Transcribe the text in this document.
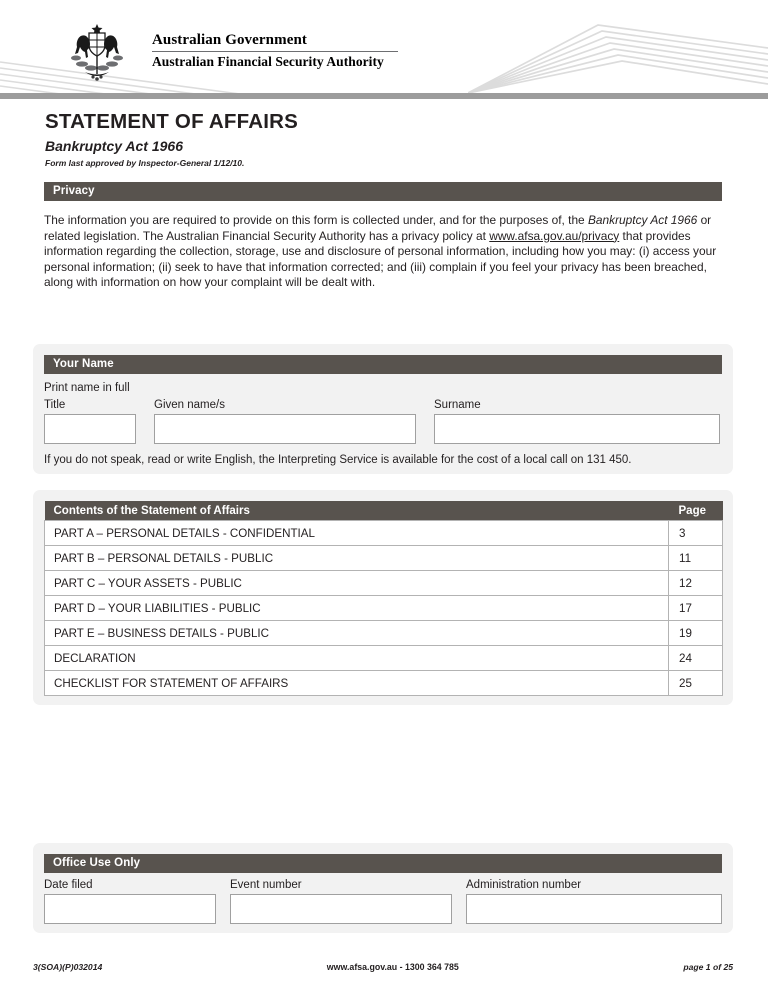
Australian Government
Australian Financial Security Authority
STATEMENT OF AFFAIRS
Bankruptcy Act 1966
Form last approved by Inspector-General 1/12/10.
Privacy
The information you are required to provide on this form is collected under, and for the purposes of, the Bankruptcy Act 1966 or related legislation. The Australian Financial Security Authority has a privacy policy at www.afsa.gov.au/privacy that provides information regarding the collection, storage, use and disclosure of personal information, including how you may: (i) access your personal information; (ii) seek to have that information corrected; and (iii) complain if you feel your privacy has been breached, along with information on how your complaint will be dealt with.
Your Name
Print name in full
Title	Given name/s	Surname
If you do not speak, read or write English, the Interpreting Service is available for the cost of a local call on 131 450.
Contents of the Statement of Affairs	Page
PART A – PERSONAL DETAILS - CONFIDENTIAL	3
PART B – PERSONAL DETAILS - PUBLIC	11
PART C – YOUR ASSETS - PUBLIC	12
PART D – YOUR LIABILITIES - PUBLIC	17
PART E – BUSINESS DETAILS - PUBLIC	19
DECLARATION	24
CHECKLIST FOR STATEMENT OF AFFAIRS	25
Office Use Only
Date filed	Event number	Administration number
3(SOA)(P)032014	www.afsa.gov.au - 1300 364 785	page 1 of 25
